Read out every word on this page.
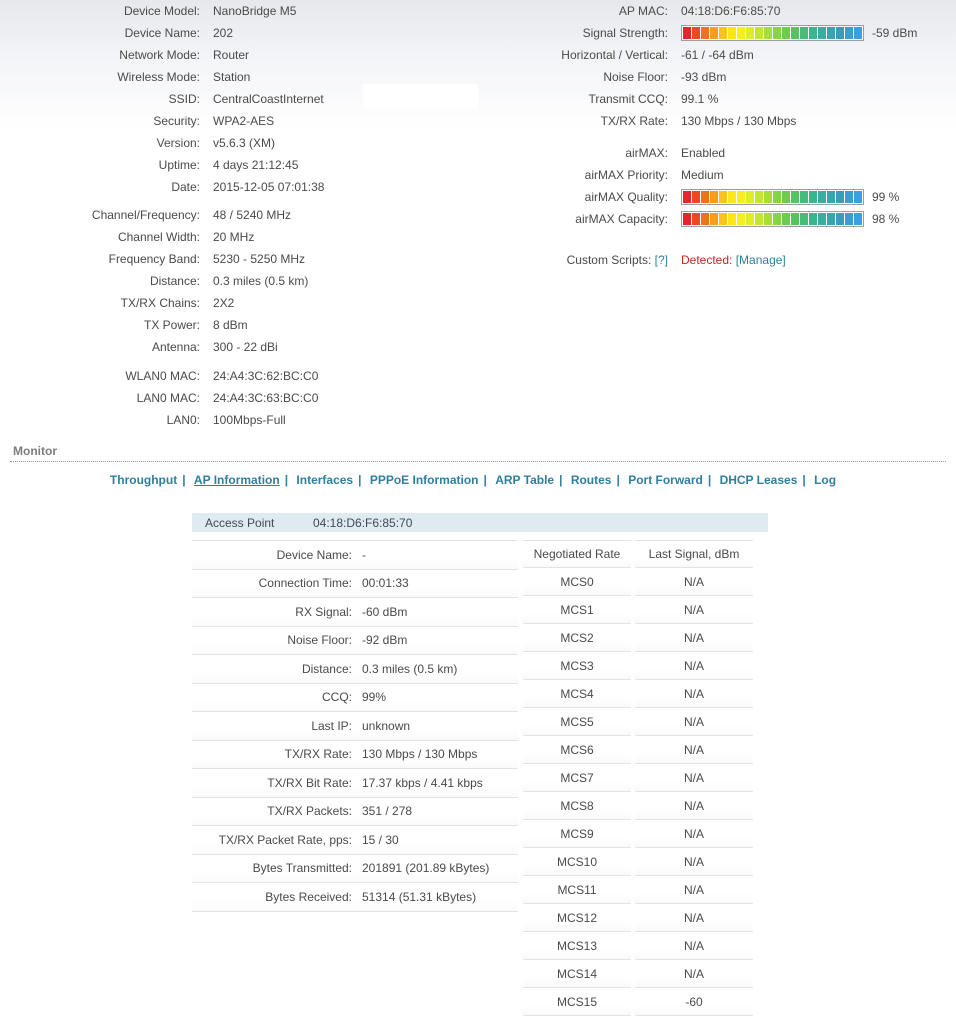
Device Model: NanoBridge M5
Device Name: 202
Network Mode: Router
Wireless Mode: Station
SSID: CentralCoastInternet
Security: WPA2-AES
Version: v5.6.3 (XM)
Uptime: 4 days 21:12:45
Date: 2015-12-05 07:01:38
Channel/Frequency: 48 / 5240 MHz
Channel Width: 20 MHz
Frequency Band: 5230 - 5250 MHz
Distance: 0.3 miles (0.5 km)
TX/RX Chains: 2X2
TX Power: 8 dBm
Antenna: 300 - 22 dBi
WLAN0 MAC: 24:A4:3C:62:BC:C0
LAN0 MAC: 24:A4:3C:63:BC:C0
LAN0: 100Mbps-Full
AP MAC: 04:18:D6:F6:85:70
Signal Strength:	-59 dBm
Horizontal / Vertical: -61 / -64 dBm
Noise Floor: -93 dBm
Transmit CCQ: 99.1 %
TX/RX Rate: 130 Mbps / 130 Mbps
airMAX: Enabled
airMAX Priority: Medium
airMAX Quality:	99 %
airMAX Capacity:	98 %
Custom Scripts: [?] Detected: [Manage]
Monitor
Throughput | AP Information | Interfaces | PPPoE Information | ARP Table | Routes | Port Forward | DHCP Leases | Log
Access Point	04:18:D6:F6:85:70
Device Name: -
Connection Time: 00:01:33
RX Signal: -60 dBm
Noise Floor: -92 dBm
Distance: 0.3 miles (0.5 km)
CCQ: 99%
Last IP: unknown
TX/RX Rate: 130 Mbps / 130 Mbps
TX/RX Bit Rate: 17.37 kbps / 4.41 kbps
TX/RX Packets: 351 / 278
TX/RX Packet Rate, pps: 15 / 30
Bytes Transmitted: 201891 (201.89 kBytes)
Bytes Received: 51314 (51.31 kBytes)
Negotiated Rate	Last Signal, dBm
MCS0	N/A
MCS1	N/A
MCS2	N/A
MCS3	N/A
MCS4	N/A
MCS5	N/A
MCS6	N/A
MCS7	N/A
MCS8	N/A
MCS9	N/A
MCS10	N/A
MCS11	N/A
MCS12	N/A
MCS13	N/A
MCS14	N/A
MCS15	-60
